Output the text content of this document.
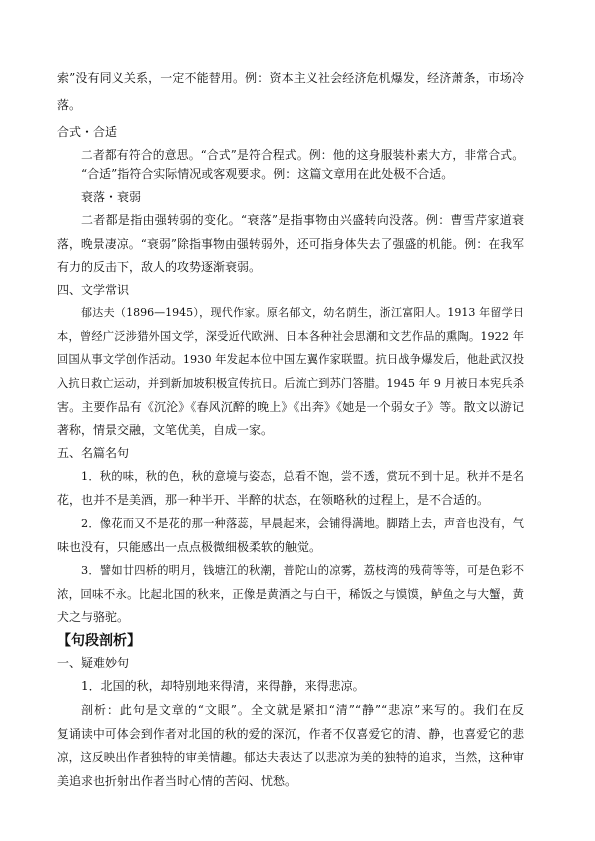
索”没有同义关系，一定不能替用。例：资本主义社会经济危机爆发，经济萧条，市场冷
落。
合式・合适
二者都有符合的意思。“合式”是符合程式。例：他的这身服装朴素大方，非常合式。
“合适”指符合实际情况或客观要求。例：这篇文章用在此处极不合适。
衰落・衰弱
二者都是指由强转弱的变化。“衰落”是指事物由兴盛转向没落。例：曹雪芹家道衰
落，晚景凄凉。“衰弱”除指事物由强转弱外，还可指身体失去了强盛的机能。例：在我军
有力的反击下，敌人的攻势逐渐衰弱。
四、文学常识
郁达夫（1896—1945），现代作家。原名郁文，幼名荫生，浙江富阳人。1913 年留学日
本，曾经广泛涉猎外国文学，深受近代欧洲、日本各种社会思潮和文艺作品的熏陶。1922 年
回国从事文学创作活动。1930 年发起本位中国左翼作家联盟。抗日战争爆发后，他赴武汉投
入抗日救亡运动，并到新加坡积极宣传抗日。后流亡到苏门答腊。1945 年 9 月被日本宪兵杀
害。主要作品有《沉沦》《春风沉醉的晚上》《出奔》《她是一个弱女子》等。散文以游记
著称，情景交融，文笔优美，自成一家。
五、名篇名句
1．秋的味，秋的色，秋的意境与姿态，总看不饱，尝不透，赏玩不到十足。秋并不是名
花，也并不是美酒，那一种半开、半醉的状态，在领略秋的过程上，是不合适的。
2．像花而又不是花的那一种落蕊，早晨起来，会铺得满地。脚踏上去，声音也没有，气
味也没有，只能感出一点点极微细极柔软的触觉。
3．譬如廿四桥的明月，钱塘江的秋潮，普陀山的凉雾，荔枝湾的残荷等等，可是色彩不
浓，回味不永。比起北国的秋来，正像是黄酒之与白干，稀饭之与馍馍，鲈鱼之与大蟹，黄
犬之与骆驼。
【句段剖析】
一、疑难妙句
1．北国的秋，却特别地来得清，来得静，来得悲凉。
剖析：此句是文章的“文眼”。全文就是紧扣“清”“静”“悲凉”来写的。我们在反
复诵读中可体会到作者对北国的秋的爱的深沉，作者不仅喜爱它的清、静，也喜爱它的悲
凉，这反映出作者独特的审美情趣。郁达夫表达了以悲凉为美的独特的追求，当然，这种审
美追求也折射出作者当时心情的苦闷、忧愁。
